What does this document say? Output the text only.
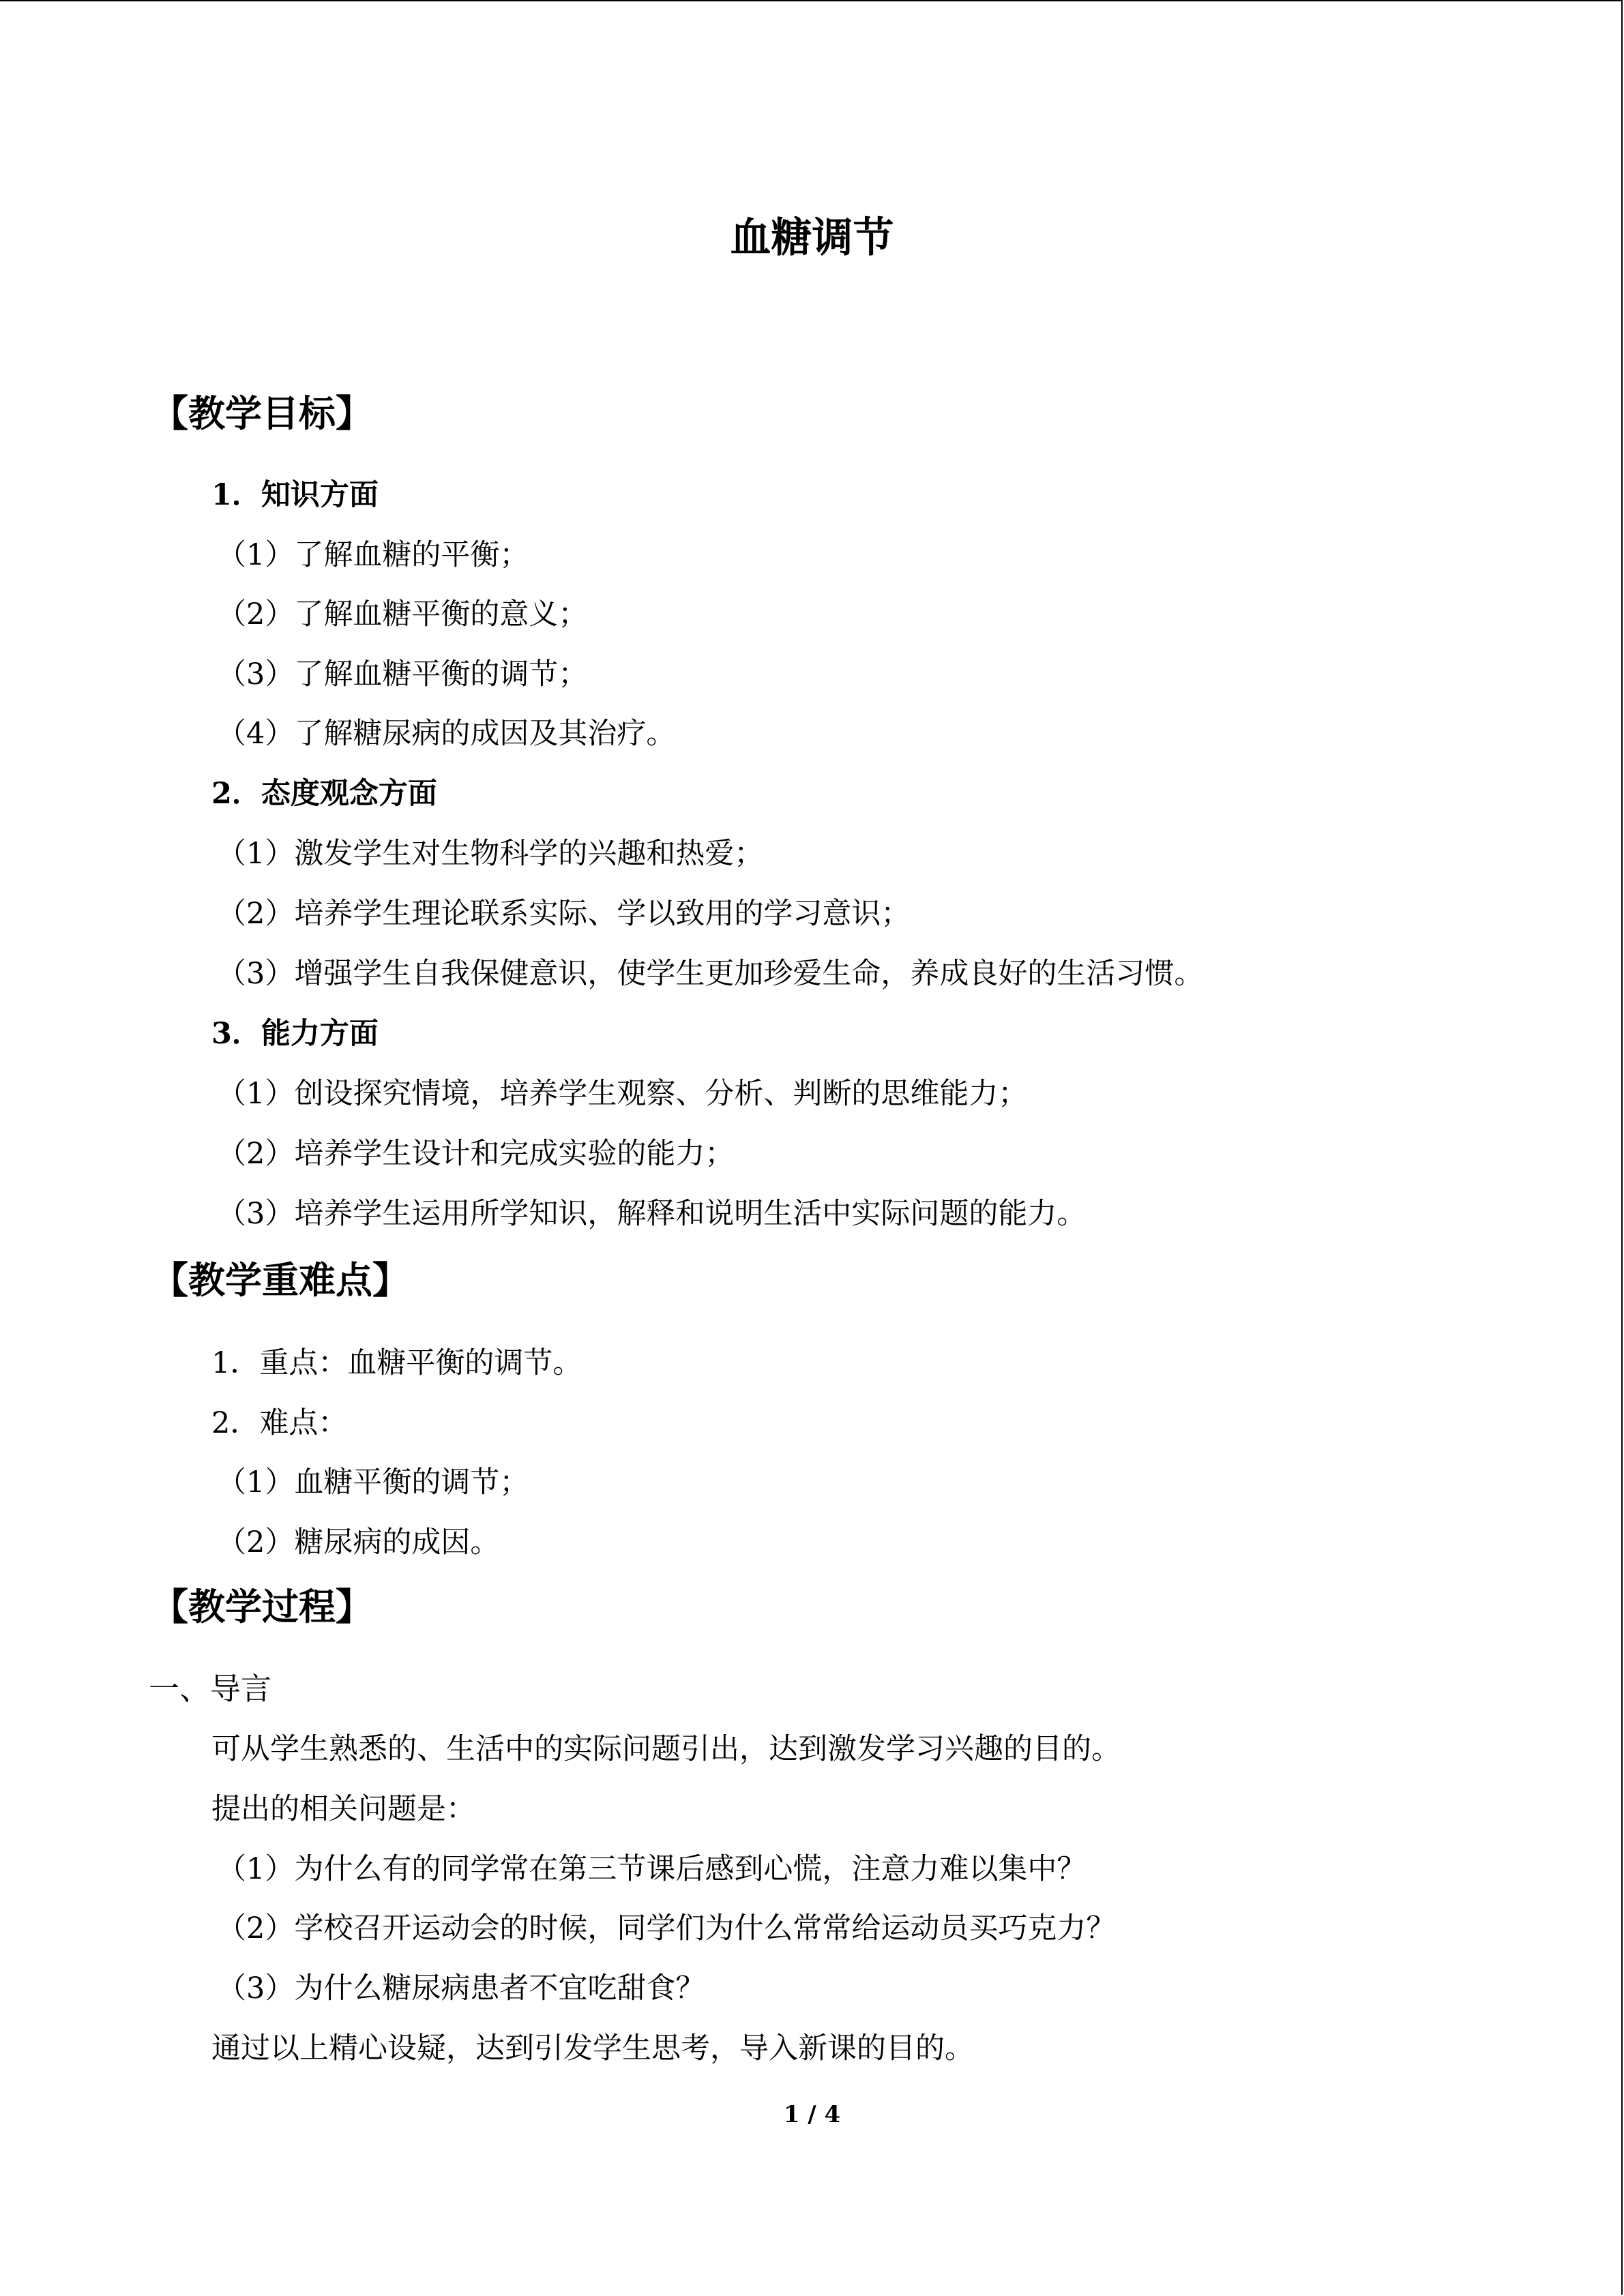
血糖调节
【教学目标】
1．知识方面
（1）了解血糖的平衡；
（2）了解血糖平衡的意义；
（3）了解血糖平衡的调节；
（4）了解糖尿病的成因及其治疗。
2．态度观念方面
（1）激发学生对生物科学的兴趣和热爱；
（2）培养学生理论联系实际、学以致用的学习意识；
（3）增强学生自我保健意识，使学生更加珍爱生命，养成良好的生活习惯。
3．能力方面
（1）创设探究情境，培养学生观察、分析、判断的思维能力；
（2）培养学生设计和完成实验的能力；
（3）培养学生运用所学知识，解释和说明生活中实际问题的能力。
【教学重难点】
1．重点：血糖平衡的调节。
2．难点：
（1）血糖平衡的调节；
（2）糖尿病的成因。
【教学过程】
一、导言
可从学生熟悉的、生活中的实际问题引出，达到激发学习兴趣的目的。
提出的相关问题是：
（1）为什么有的同学常在第三节课后感到心慌，注意力难以集中？
（2）学校召开运动会的时候，同学们为什么常常给运动员买巧克力？
（3）为什么糖尿病患者不宜吃甜食？
通过以上精心设疑，达到引发学生思考，导入新课的目的。
1 / 4
